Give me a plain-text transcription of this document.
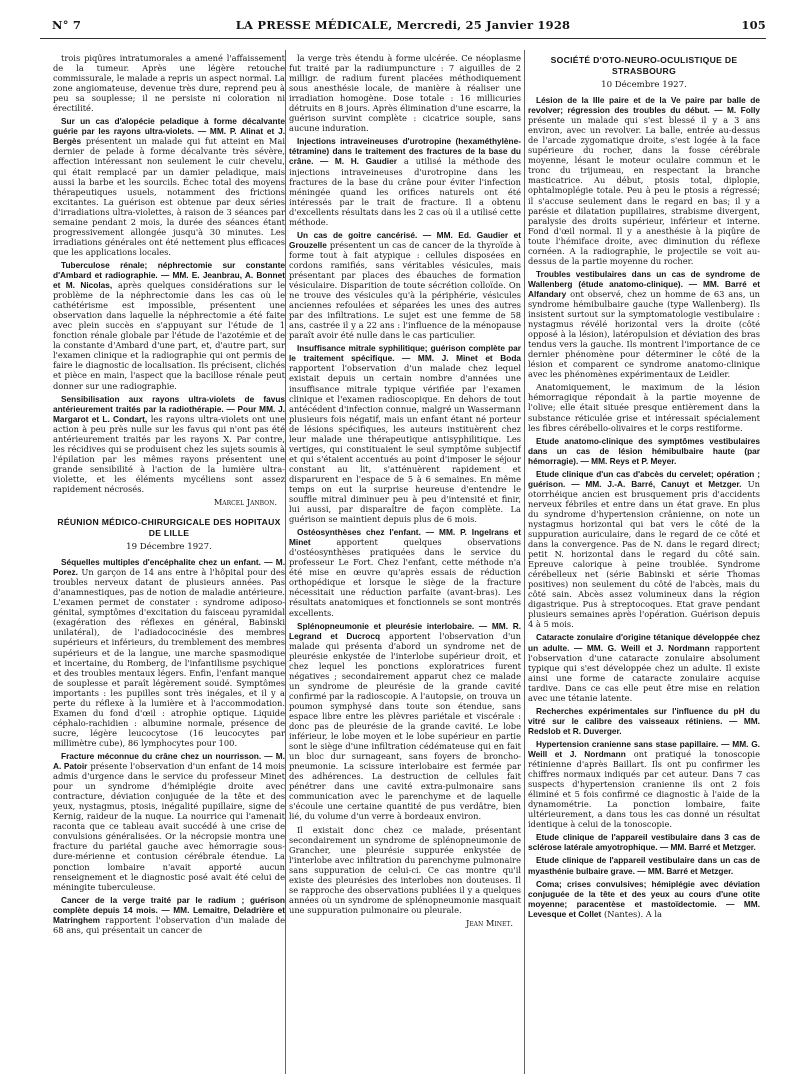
N° 7	LA PRESSE MÉDICALE, Mercredi, 25 Janvier 1928	105

trois piqûres intratumorales a amené l'affaissement de la tumeur. Après une légère retouche commissurale, le malade a repris un aspect normal. La zone angiomateuse, devenue très dure, reprend peu à peu sa souplesse; il ne persiste ni coloration ni érectilité.

Sur un cas d'alopécie peladique à forme décalvante guérie par les rayons ultra-violets. — MM. P. Alinat et J. Bergès présentent un malade qui fut atteint en Mai dernier de pelade à forme décalvante très sévère, affection intéressant non seulement le cuir chevelu, qui était remplacé par un damier peladique, mais aussi la barbe et les sourcils. Échec total des moyens thérapeutiques usuels, notamment des frictions excitantes. La guérison est obtenue par deux séries d'irradiations ultra-violettes, à raison de 3 séances par semaine pendant 2 mois, la durée des séances étant progressivement allongée jusqu'à 30 minutes. Les irradiations générales ont été nettement plus efficaces que les applications locales.

Tuberculose rénale; néphrectomie sur constante d'Ambard et radiographie. — MM. E. Jeanbrau, A. Bonnet et M. Nicolas, après quelques considérations sur le problème de la néphrectomie dans les cas où le cathétérisme est impossible, présentent une observation dans laquelle la néphrectomie a été faite avec plein succès en s'appuyant sur l'étude de 1 fonction rénale globale par l'étude de l'azotémie et de la constante d'Ambard d'une part, et, d'autre part, sur l'examen clinique et la radiographie qui ont permis de faire le diagnostic de localisation. Ils précisent, clichés et pièce en main, l'aspect que la bacillose rénale peut donner sur une radiographie.

Sensibilisation aux rayons ultra-violets de favus antérieurement traités par la radiothérapie. — Pour MM. J. Margarot et L. Condart, les rayons ultra-violets ont une action à peu près nulle sur les favus qui n'ont pas été antérieurement traités par les rayons X. Par contre, les récidives qui se produisent chez les sujets soumis à l'épilation par les mêmes rayons présentent une grande sensibilité à l'action de la lumière ultra-violette, et les éléments mycéliens sont assez rapidement nécrosés.

Marcel Janbon.

RÉUNION MÉDICO-CHIRURGICALE DES HOPITAUX DE LILLE
19 Décembre 1927.

Séquelles multiples d'encéphalite chez un enfant. — M. Porez. Un garçon de 14 ans entre à l'hôpital pour des troubles nerveux datant de plusieurs années. Pas d'anamnestiques, pas de notion de maladie antérieure. L'examen permet de constater : syndrome adiposo-génital, symptômes d'excitation du faisceau pyramidal (exagération des réflexes en général, Babinski unilatéral), de l'adiadococinésie des membres supérieurs et inférieurs, du tremblement des membres supérieurs et de la langue, une marche spasmodique et incertaine, du Romberg, de l'infantilisme psychique et des troubles mentaux légers. Enfin, l'enfant manque de souplesse et paraît légèrement soudé. Symptômes importants : les pupilles sont très inégales, et il y a perte du réflexe à la lumière et à l'accommodation. Examen du fond d'œil : atrophie optique. Liquide céphalo-rachidien : albumine normale, présence de sucre, légère leucocytose (16 leucocytes par millimètre cube), 86 lymphocytes pour 100.

Fracture méconnue du crâne chez un nourrisson. — M. A. Patoir présente l'observation d'un enfant de 14 mois admis d'urgence dans le service du professeur Minet pour un syndrome d'hémiplégie droite avec contracture, déviation conjuguée de la tête et des yeux, nystagmus, ptosis, inégalité pupillaire, signe de Kernig, raideur de la nuque. La nourrice qui l'amenait raconta que ce tableau avait succédé à une crise de convulsions généralisées. Or la nécropsie montra une fracture du pariétal gauche avec hémorragie sous-dure-mérienne et contusion cérébrale étendue. La ponction lombaire n'avait apporté aucun renseignement et le diagnostic posé avait été celui de méningite tuberculeuse.

Cancer de la verge traité par le radium ; guérison complète depuis 14 mois. — MM. Lemaitre, Deladrière et Matringhem rapportent l'observation d'un malade de 68 ans, qui présentait un cancer de

la verge très étendu à forme ulcérée. Ce néoplasme fut traité par la radiumpuncture : 7 aiguilles de 2 milligr. de radium furent placées méthodiquement sous anesthésie locale, de manière à réaliser une irradiation homogène. Dose totale : 16 millicuries détruits en 8 jours. Après élimination d'une escarre, la guérison survint complète : cicatrice souple, sans aucune induration.

Injections intraveineuses d'urotropine (hexaméthylène-tétramine) dans le traitement des fractures de la base du crâne. — M. H. Gaudier a utilisé la méthode des injections intraveineuses d'urotropine dans les fractures de la base du crâne pour éviter l'infection méningée quand les orifices naturels ont été intéressés par le trait de fracture. Il a obtenu d'excellents résultats dans les 2 cas où il a utilisé cette méthode.

Un cas de goitre cancérisé. — MM. Ed. Gaudier et Grouzelle présentent un cas de cancer de la thyroïde à forme tout à fait atypique : cellules disposées en cordons ramifiés, sans véritables vésicules, mais présentant par places des ébauches de formation vésiculaire. Disparition de toute sécrétion colloïde. On ne trouve des vésicules qu'à la périphérie, vésicules anciennes refoulées et séparées les unes des autres par des infiltrations. Le sujet est une femme de 58 ans, castrée il y a 22 ans : l'influence de la ménopause paraît avoir été nulle dans le cas particulier.

Insuffisance mitrale syphilitique; guérison complète par le traitement spécifique. — MM. J. Minet et Boda rapportent l'observation d'un malade chez lequel existait depuis un certain nombre d'années une insuffisance mitrale typique vérifiée par l'examen clinique et l'examen radioscopique. En dehors de tout antécédent d'infection connue, malgré un Wassermann plusieurs fois négatif, mais un enfant étant né porteur de lésions spécifiques, les auteurs instituèrent chez leur malade une thérapeutique antisyphilitique. Les vertiges, qui constituaient le seul symptôme subjectif et qui s'étaient accentués au point d'imposer le séjour constant au lit, s'atténuèrent rapidement et disparurent en l'espace de 5 à 6 semaines. En même temps on eut la surprise heureuse d'entendre le souffle mitral diminuer peu à peu d'intensité et finir, lui aussi, par disparaître de façon complète. La guérison se maintient depuis plus de 6 mois.

Ostéosynthèses chez l'enfant. — MM. P. Ingelrans et Minet	apportent quelques observations d'ostéosynthèses pratiquées dans le service du professeur Le Fort. Chez l'enfant, cette méthode n'a été mise en œuvre qu'après essais de réduction orthopédique et lorsque le siège de la fracture nécessitait une réduction parfaite (avant-bras). Les résultats anatomiques et fonctionnels se sont montrés excellents.

Splénopneumonie et pleurésie interlobaire. — MM. R. Legrand et Ducrocq apportent l'observation d'un malade qui présenta d'abord un syndrome net de pleurésie enkystée de l'interlobe supérieur droit, et chez lequel les ponctions exploratrices furent négatives ; secondairement apparut chez ce malade un syndrome de pleurésie de la grande cavité confirmé par la radioscopie. A l'autopsie, on trouva un poumon symphysé dans toute son étendue, sans espace libre entre les plèvres pariétale et viscérale : donc pas de pleurésie de la grande cavité. Le lobe inférieur, le lobe moyen et le lobe supérieur en partie sont le siège d'une infiltration cédémateuse qui en fait un bloc dur surnageant, sans foyers de broncho-pneumonie. La scissure interlobaire est fermée par des adhérences. La destruction de cellules fait pénétrer dans une cavité extra-pulmonaire sans communication avec le parenchyme et de laquelle s'écoule une certaine quantité de pus verdâtre, bien lié, du volume d'un verre à bordeaux environ.

Il existait donc chez ce malade, présentant secondairement un syndrome de splénopneumonie de Grancher, une pleurésie suppurée enkystée de l'interlobe avec infiltration du parenchyme pulmonaire sans suppuration de celui-ci. Ce cas montre qu'il existe des pleurésies des interlobes non douteuses. Il se rapproche des observations publiées il y a quelques années où un syndrome de splénopneumonie masquait une suppuration pulmonaire ou pleurale.

Jean Minet.

SOCIÉTÉ D'OTO-NEURO-OCULISTIQUE DE STRASBOURG
10 Décembre 1927.

Lésion de la IIIe paire et de la Ve paire par balle de revolver; régression des troubles du début. — M. Folly présente un malade qui s'est blessé il y a 3 ans environ, avec un revolver. La balle, entrée au-dessus de l'arcade zygomatique droite, s'est logée à la face supérieure du rocher, dans la fosse cérébrale moyenne, lésant le moteur oculaire commun et le tronc du trijumeau, en respectant la branche masticatrice. Au début, ptosis total, diplopie, ophtalmoplégie totale. Peu à peu le ptosis a régressé; il s'accuse seulement dans le regard en bas; il y a parésie et dilatation pupillaires, strabisme divergent, paralysie des droits supérieur, inférieur et interne. Fond d'œil normal. Il y a anesthésie à la piqûre de toute l'hémiface droite, avec diminution du réflexe cornéen. A la radiographie, le projectile se voit au-dessus de la partie moyenne du rocher.

Troubles vestibulaires dans un cas de syndrome de Wallenberg (étude anatomo-clinique). — MM. Barré et Alfandary ont observé, chez un homme de 63 ans, un syndrome hémibulbaire gauche (type Wallenberg). Ils insistent surtout sur la symptomatologie vestibulaire : nystagmus révélé horizontal vers la droite (côté opposé à la lésion), latéropulsion et déviation des bras tendus vers la gauche. Ils montrent l'importance de ce dernier phénomène pour déterminer le côté de la lésion et comparent ce syndrome anatomo-clinique avec les phénomènes expérimentaux de Leidler.

Anatomiquement, le maximum de la lésion hémorragique répondait à la partie moyenne de l'olive; elle était située presque entièrement dans la substance réticulée grise et intéressait spécialement les fibres cérébello-olivaires et le corps restiforme.

Etude anatomo-clinique des symptômes vestibulaires dans un cas de lésion hémibulbaire haute (par hémorragie). — MM. Reys et P. Meyer.

Etude clinique d'un cas d'abcès du cervelet; opération ; guérison. — MM. J.-A. Barré, Canuyt et Metzger. Un otorrhéique ancien est brusquement pris d'accidents nerveux fébriles et entre dans un état grave. En plus du syndrome d'hypertension crânienne, on note un nystagmus horizontal qui bat vers le côté de la suppuration auriculaire, dans le regard de ce côté et dans la convergence. Pas de N. dans le regard direct; petit N. horizontal dans le regard du côté sain. Epreuve calorique à peine troublée. Syndrome cérébelleux net (série Babinski et série Thomas positives) non seulement du côté de l'abcès, mais du côté sain. Abcès assez volumineux dans la région digastrique. Pus à streptocoques. Etat grave pendant plusieurs semaines après l'opération. Guérison depuis 4 à 5 mois.

Cataracte zonulaire d'origine tétanique développée chez un adulte. — MM. G. Weill et J. Nordmann rapportent l'observation d'une cataracte zonulaire absolument typique qui s'est développée chez un adulte. Il existe ainsi une forme de cataracte zonulaire acquise tardive. Dans ce cas elle peut être mise en relation avec une tétanie latente.

Recherches expérimentales sur l'influence du pH du vitré sur le calibre des vaisseaux rétiniens. — MM. Redslob et R. Duverger.

Hypertension cranienne sans stase papillaire. — MM. G. Weill et J. Nordmann ont pratiqué la tonoscopie rétinienne d'après Baillart. Ils ont pu confirmer les chiffres normaux indiqués par cet auteur. Dans 7 cas suspects d'hypertension cranienne ils ont 2 fois éliminé et 5 fois confirmé ce diagnostic à l'aide de la dynamométrie. La ponction lombaire, faite ultérieurement, a dans tous les cas donné un résultat identique à celui de la tonoscopie.

Etude clinique de l'appareil vestibulaire dans 3 cas de sclérose latérale amyotrophique. — MM. Barré et Metzger.

Etude clinique de l'appareil vestibulaire dans un cas de myasthénie bulbaire grave. — MM. Barré et Metzger.

Coma; crises convulsives; hémiplégie avec déviation conjuguée de la tête et des yeux au cours d'une otite moyenne; paracentèse et mastoïdectomie. — MM. Levesque et Collet (Nantes). A la
